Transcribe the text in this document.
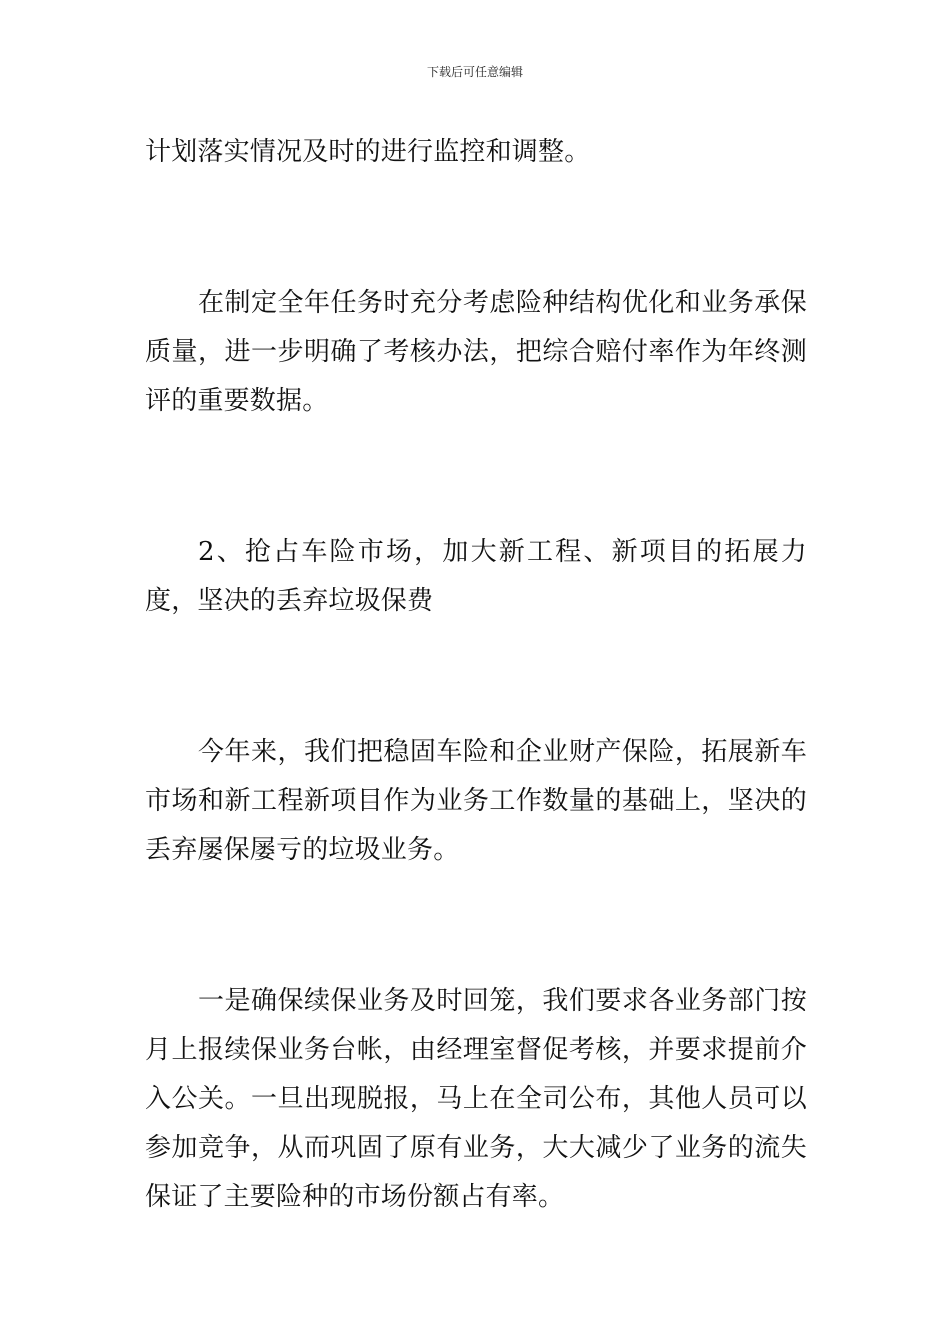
下载后可任意编辑

计划落实情况及时的进行监控和调整。

在制定全年任务时充分考虑险种结构优化和业务承保质量，进一步明确了考核办法，把综合赔付率作为年终测评的重要数据。

2、抢占车险市场，加大新工程、新项目的拓展力度，坚决的丢弃垃圾保费

今年来，我们把稳固车险和企业财产保险，拓展新车市场和新工程新项目作为业务工作数量的基础上，坚决的丢弃屡保屡亏的垃圾业务。

一是确保续保业务及时回笼，我们要求各业务部门按月上报续保业务台帐，由经理室督促考核，并要求提前介入公关。一旦出现脱报，马上在全司公布，其他人员可以参加竞争，从而巩固了原有业务，大大减少了业务的流失保证了主要险种的市场份额占有率。
